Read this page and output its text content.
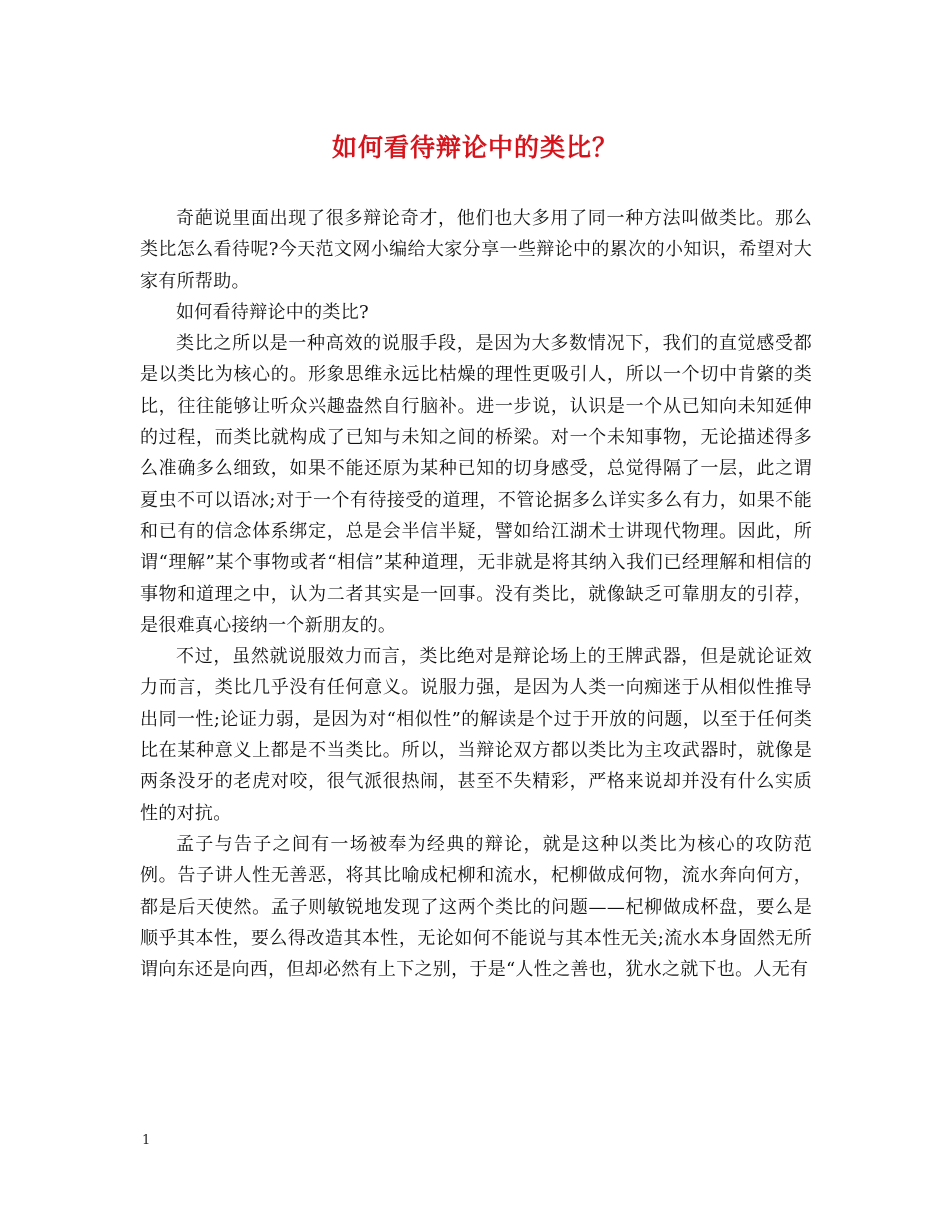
如何看待辩论中的类比？

奇葩说里面出现了很多辩论奇才，他们也大多用了同一种方法叫做类比。那么类比怎么看待呢?今天范文网小编给大家分享一些辩论中的累次的小知识，希望对大家有所帮助。

如何看待辩论中的类比?

类比之所以是一种高效的说服手段，是因为大多数情况下，我们的直觉感受都是以类比为核心的。形象思维永远比枯燥的理性更吸引人，所以一个切中肯綮的类比，往往能够让听众兴趣盎然自行脑补。进一步说，认识是一个从已知向未知延伸的过程，而类比就构成了已知与未知之间的桥梁。对一个未知事物，无论描述得多么准确多么细致，如果不能还原为某种已知的切身感受，总觉得隔了一层，此之谓夏虫不可以语冰;对于一个有待接受的道理，不管论据多么详实多么有力，如果不能和已有的信念体系绑定，总是会半信半疑，譬如给江湖术士讲现代物理。因此，所谓“理解”某个事物或者“相信”某种道理，无非就是将其纳入我们已经理解和相信的事物和道理之中，认为二者其实是一回事。没有类比，就像缺乏可靠朋友的引荐，是很难真心接纳一个新朋友的。

不过，虽然就说服效力而言，类比绝对是辩论场上的王牌武器，但是就论证效力而言，类比几乎没有任何意义。说服力强，是因为人类一向痴迷于从相似性推导出同一性;论证力弱，是因为对“相似性”的解读是个过于开放的问题，以至于任何类比在某种意义上都是不当类比。所以，当辩论双方都以类比为主攻武器时，就像是两条没牙的老虎对咬，很气派很热闹，甚至不失精彩，严格来说却并没有什么实质性的对抗。

孟子与告子之间有一场被奉为经典的辩论，就是这种以类比为核心的攻防范例。告子讲人性无善恶，将其比喻成杞柳和流水，杞柳做成何物，流水奔向何方，都是后天使然。孟子则敏锐地发现了这两个类比的问题——杞柳做成杯盘，要么是顺乎其本性，要么得改造其本性，无论如何不能说与其本性无关;流水本身固然无所谓向东还是向西，但却必然有上下之别，于是“人性之善也，犹水之就下也。人无有

1
